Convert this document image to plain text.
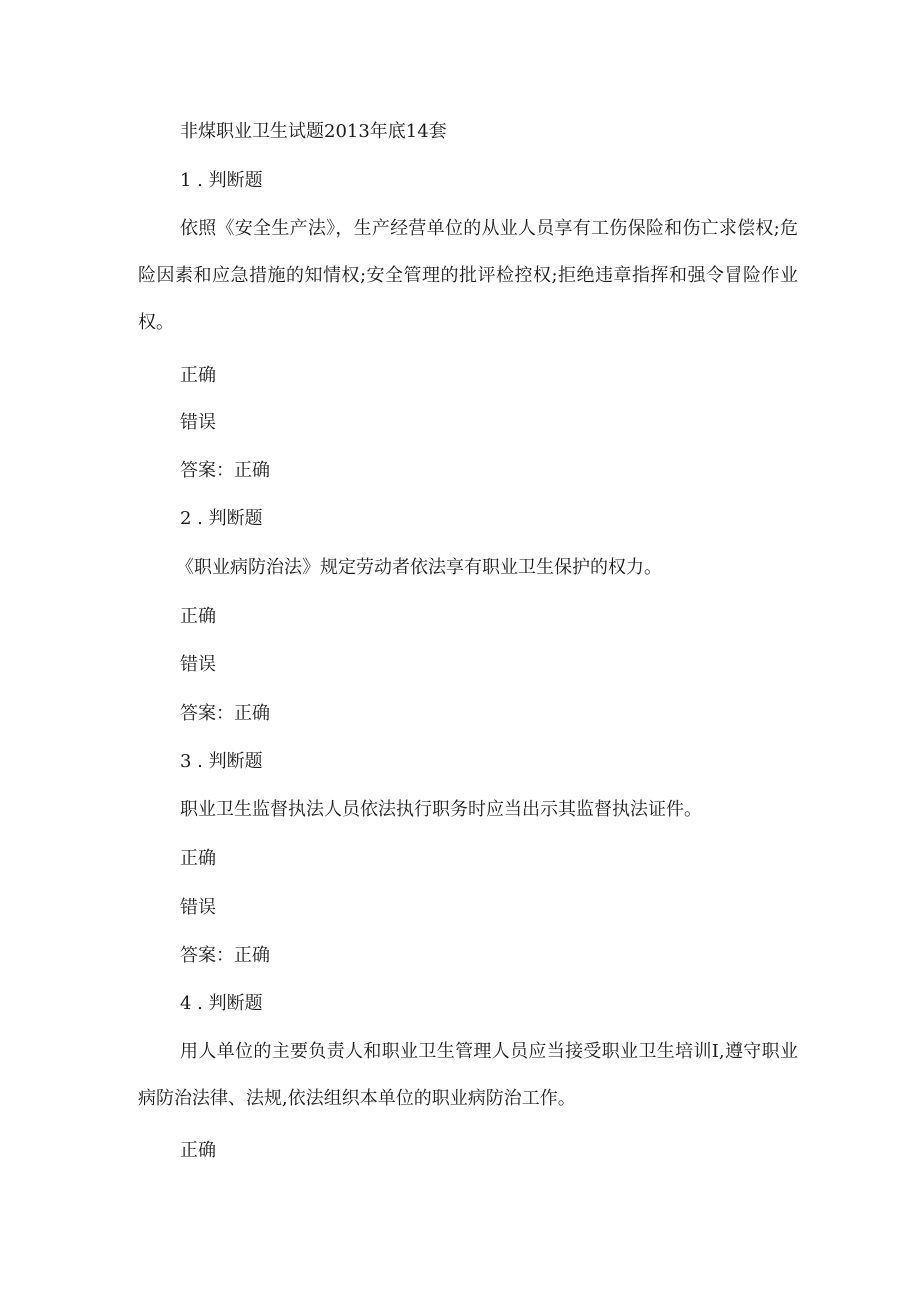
非煤职业卫生试题2013年底14套
1 . 判断题
依照《安全生产法》，生产经营单位的从业人员享有工伤保险和伤亡求偿权;危险因素和应急措施的知情权;安全管理的批评检控权;拒绝违章指挥和强令冒险作业权。
正确
错误
答案：正确
2 . 判断题
《职业病防治法》规定劳动者依法享有职业卫生保护的权力。
正确
错误
答案：正确
3 . 判断题
职业卫生监督执法人员依法执行职务时应当出示其监督执法证件。
正确
错误
答案：正确
4 . 判断题
用人单位的主要负责人和职业卫生管理人员应当接受职业卫生培训I,遵守职业病防治法律、法规,依法组织本单位的职业病防治工作。
正确
